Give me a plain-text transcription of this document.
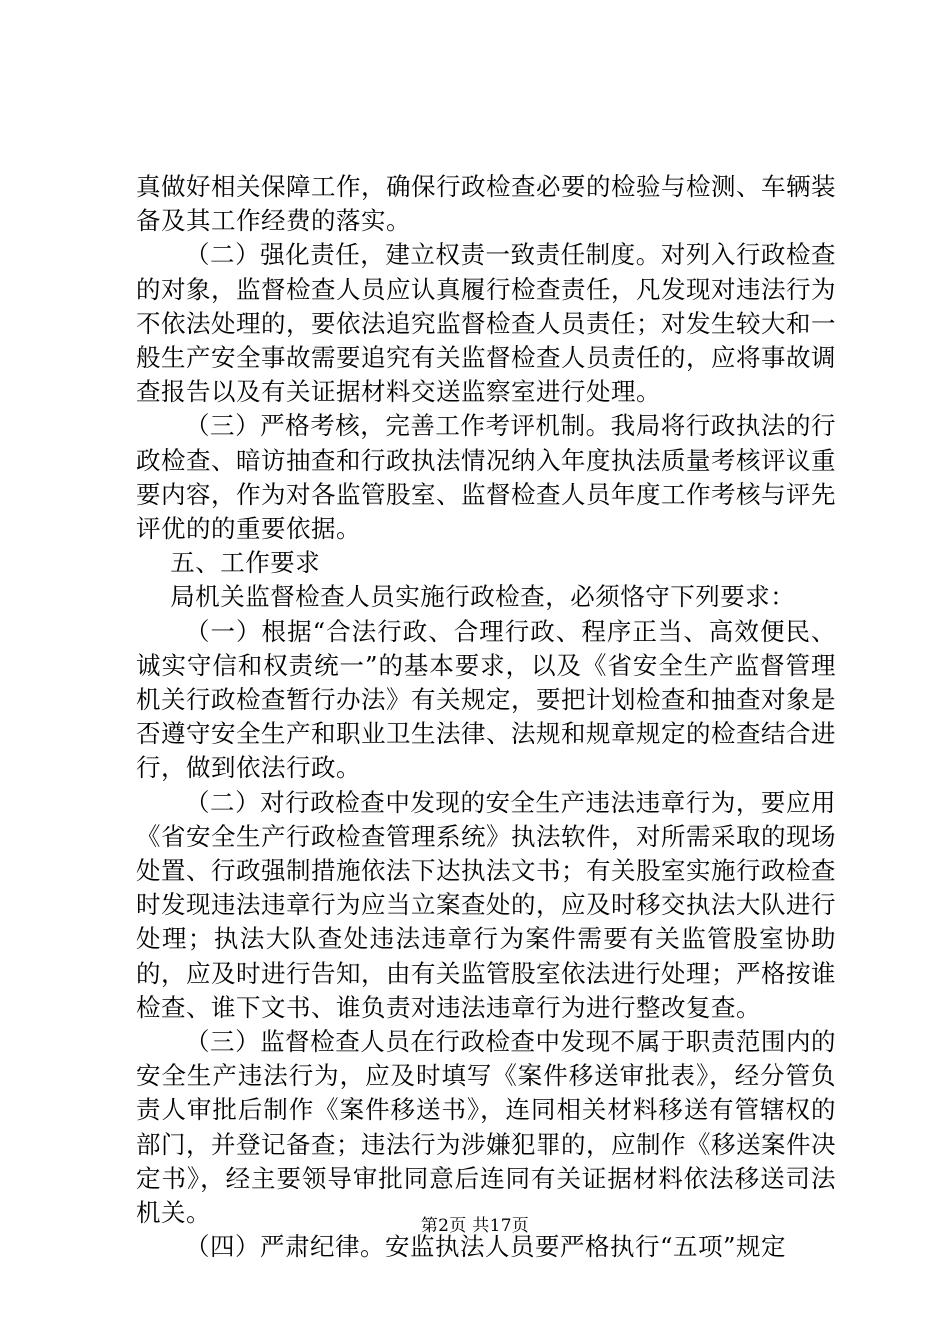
真做好相关保障工作，确保行政检查必要的检验与检测、车辆装备及其工作经费的落实。

（二）强化责任，建立权责一致责任制度。对列入行政检查的对象，监督检查人员应认真履行检查责任，凡发现对违法行为不依法处理的，要依法追究监督检查人员责任；对发生较大和一般生产安全事故需要追究有关监督检查人员责任的，应将事故调查报告以及有关证据材料交送监察室进行处理。

（三）严格考核，完善工作考评机制。我局将行政执法的行政检查、暗访抽查和行政执法情况纳入年度执法质量考核评议重要内容，作为对各监管股室、监督检查人员年度工作考核与评先评优的的重要依据。

五、工作要求

局机关监督检查人员实施行政检查，必须恪守下列要求：

（一）根据“合法行政、合理行政、程序正当、高效便民、诚实守信和权责统一”的基本要求，以及《省安全生产监督管理机关行政检查暂行办法》有关规定，要把计划检查和抽查对象是否遵守安全生产和职业卫生法律、法规和规章规定的检查结合进行，做到依法行政。

（二）对行政检查中发现的安全生产违法违章行为，要应用《省安全生产行政检查管理系统》执法软件，对所需采取的现场处置、行政强制措施依法下达执法文书；有关股室实施行政检查时发现违法违章行为应当立案查处的，应及时移交执法大队进行处理；执法大队查处违法违章行为案件需要有关监管股室协助的，应及时进行告知，由有关监管股室依法进行处理；严格按谁检查、谁下文书、谁负责对违法违章行为进行整改复查。

（三）监督检查人员在行政检查中发现不属于职责范围内的安全生产违法行为，应及时填写《案件移送审批表》，经分管负责人审批后制作《案件移送书》，连同相关材料移送有管辖权的部门，并登记备查；违法行为涉嫌犯罪的，应制作《移送案件决定书》，经主要领导审批同意后连同有关证据材料依法移送司法机关。

（四）严肃纪律。安监执法人员要严格执行“五项”规定

第2页 共17页
